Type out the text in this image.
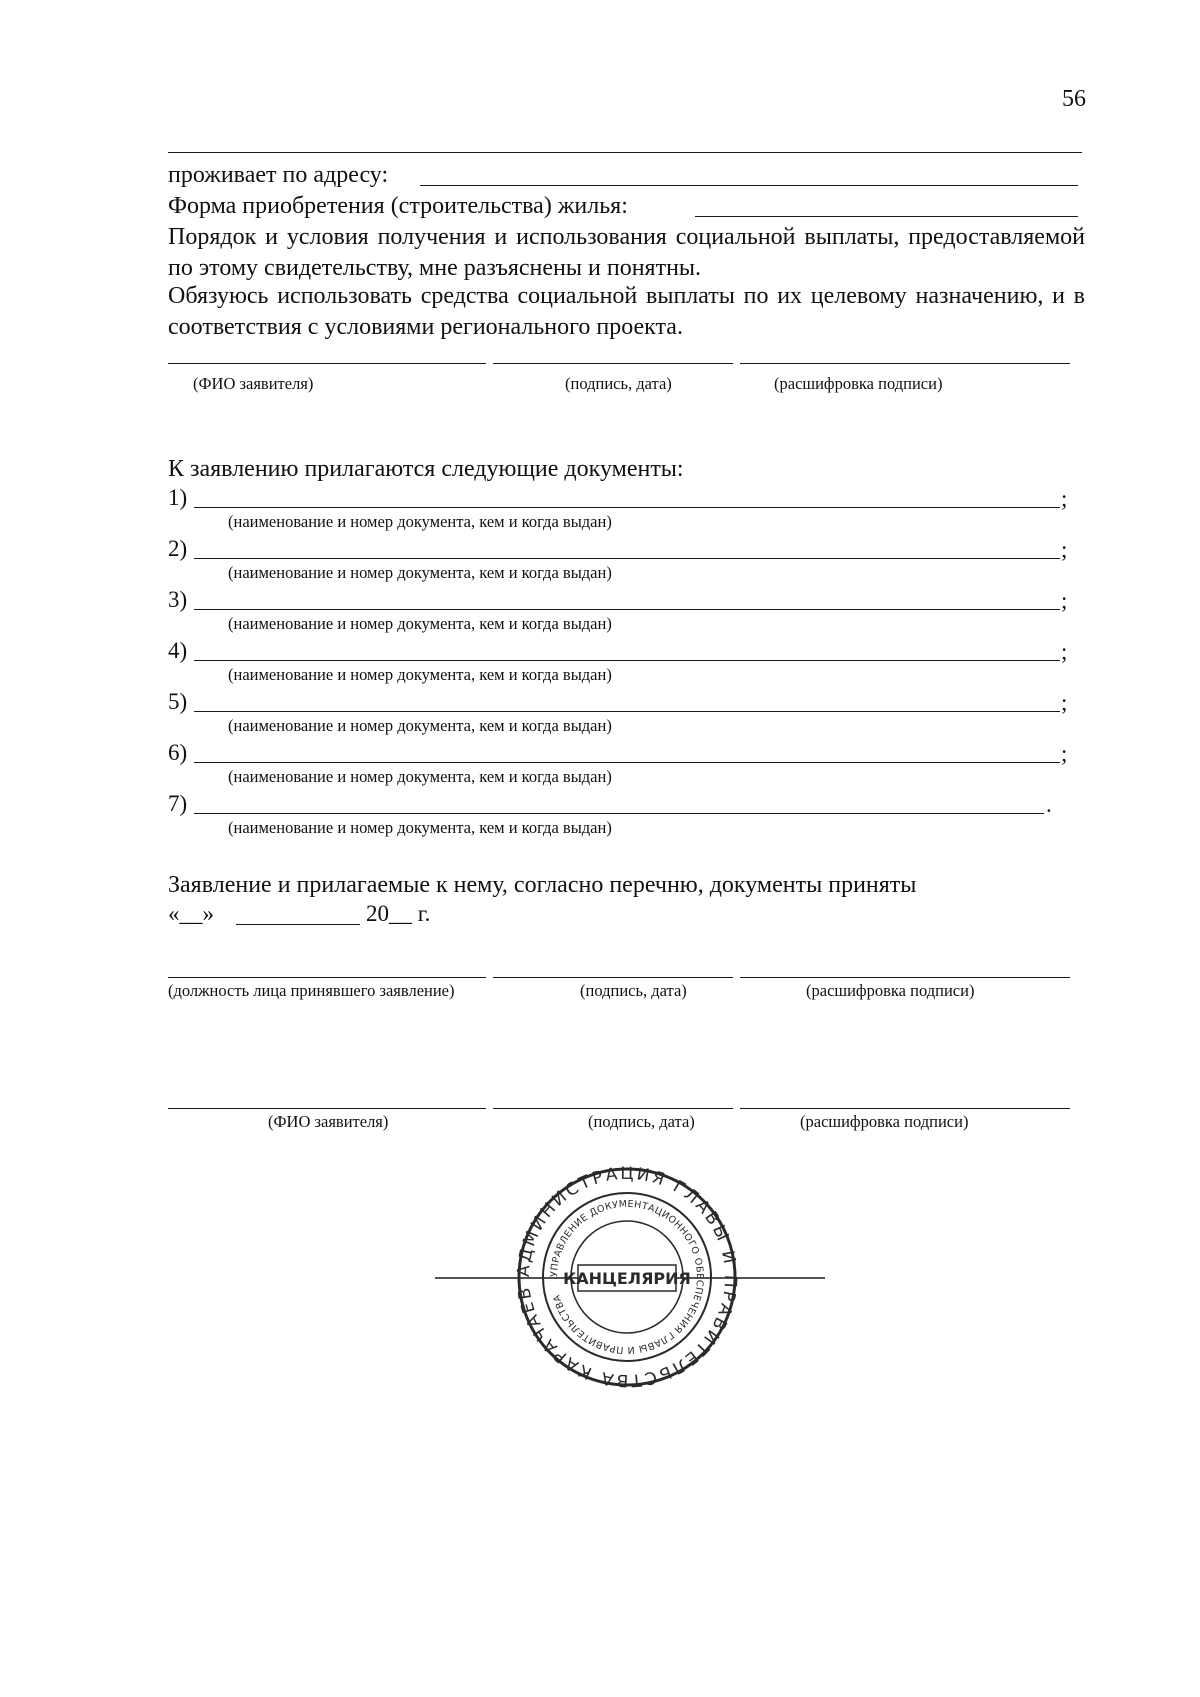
56
проживает по адресу:
Форма приобретения (строительства) жилья:
Порядок и условия получения и использования социальной выплаты, предоставляемой по этому свидетельству, мне разъяснены и понятны.
Обязуюсь использовать средства социальной выплаты по их целевому назначению, и в соответствия с условиями регионального проекта.
(ФИО заявителя)	(подпись, дата)	(расшифровка подписи)
К заявлению прилагаются следующие документы:
1)	;
(наименование и номер документа, кем и когда выдан)
2)	;
(наименование и номер документа, кем и когда выдан)
3)	;
(наименование и номер документа, кем и когда выдан)
4)	;
(наименование и номер документа, кем и когда выдан)
5)	;
(наименование и номер документа, кем и когда выдан)
6)	;
(наименование и номер документа, кем и когда выдан)
7)	.
(наименование и номер документа, кем и когда выдан)
Заявление и прилагаемые к нему, согласно перечню, документы приняты
«__»	20__ г.
(должность лица принявшего заявление)	(подпись, дата)	(расшифровка подписи)
(ФИО заявителя)	(подпись, дата)	(расшифровка подписи)
АДМИНИСТРАЦИЯ ГЛАВЫ И ПРАВИТЕЛЬСТВА КАРАЧАЕВ
УПРАВЛЕНИЕ ДОКУМЕНТАЦИОННОГО ОБЕСПЕЧЕНИЯ ГЛАВЫ И ПРАВИТЕЛЬСТВА
КАНЦЕЛЯРИЯ
